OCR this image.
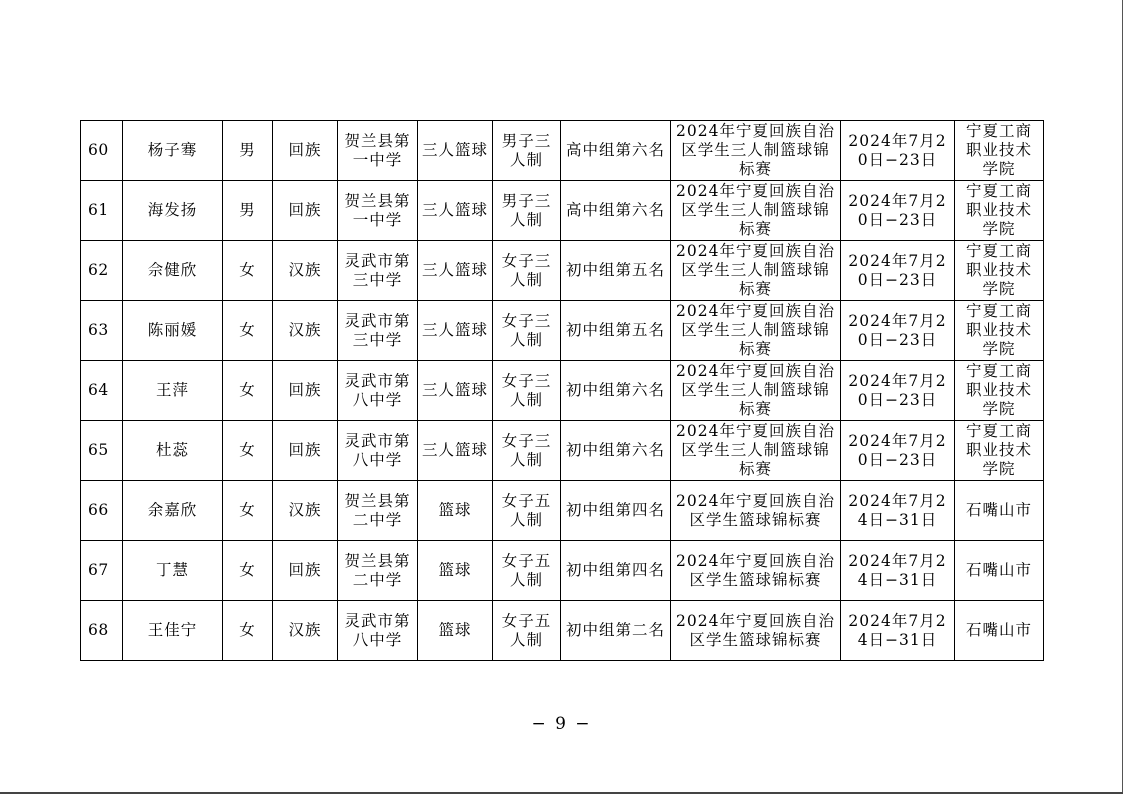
60	杨子骞	男	回族	贺兰县第一中学	三人篮球	男子三人制	高中组第六名	2024年宁夏回族自治区学生三人制篮球锦标赛	2024年7月20日−23日	宁夏工商职业技术学院
61	海发扬	男	回族	贺兰县第一中学	三人篮球	男子三人制	高中组第六名	2024年宁夏回族自治区学生三人制篮球锦标赛	2024年7月20日−23日	宁夏工商职业技术学院
62	佘健欣	女	汉族	灵武市第三中学	三人篮球	女子三人制	初中组第五名	2024年宁夏回族自治区学生三人制篮球锦标赛	2024年7月20日−23日	宁夏工商职业技术学院
63	陈丽媛	女	汉族	灵武市第三中学	三人篮球	女子三人制	初中组第五名	2024年宁夏回族自治区学生三人制篮球锦标赛	2024年7月20日−23日	宁夏工商职业技术学院
64	王萍	女	回族	灵武市第八中学	三人篮球	女子三人制	初中组第六名	2024年宁夏回族自治区学生三人制篮球锦标赛	2024年7月20日−23日	宁夏工商职业技术学院
65	杜蕊	女	回族	灵武市第八中学	三人篮球	女子三人制	初中组第六名	2024年宁夏回族自治区学生三人制篮球锦标赛	2024年7月20日−23日	宁夏工商职业技术学院
66	余嘉欣	女	汉族	贺兰县第二中学	篮球	女子五人制	初中组第四名	2024年宁夏回族自治区学生篮球锦标赛	2024年7月24日−31日	石嘴山市
67	丁慧	女	回族	贺兰县第二中学	篮球	女子五人制	初中组第四名	2024年宁夏回族自治区学生篮球锦标赛	2024年7月24日−31日	石嘴山市
68	王佳宁	女	汉族	灵武市第八中学	篮球	女子五人制	初中组第二名	2024年宁夏回族自治区学生篮球锦标赛	2024年7月24日−31日	石嘴山市
− 9 −
